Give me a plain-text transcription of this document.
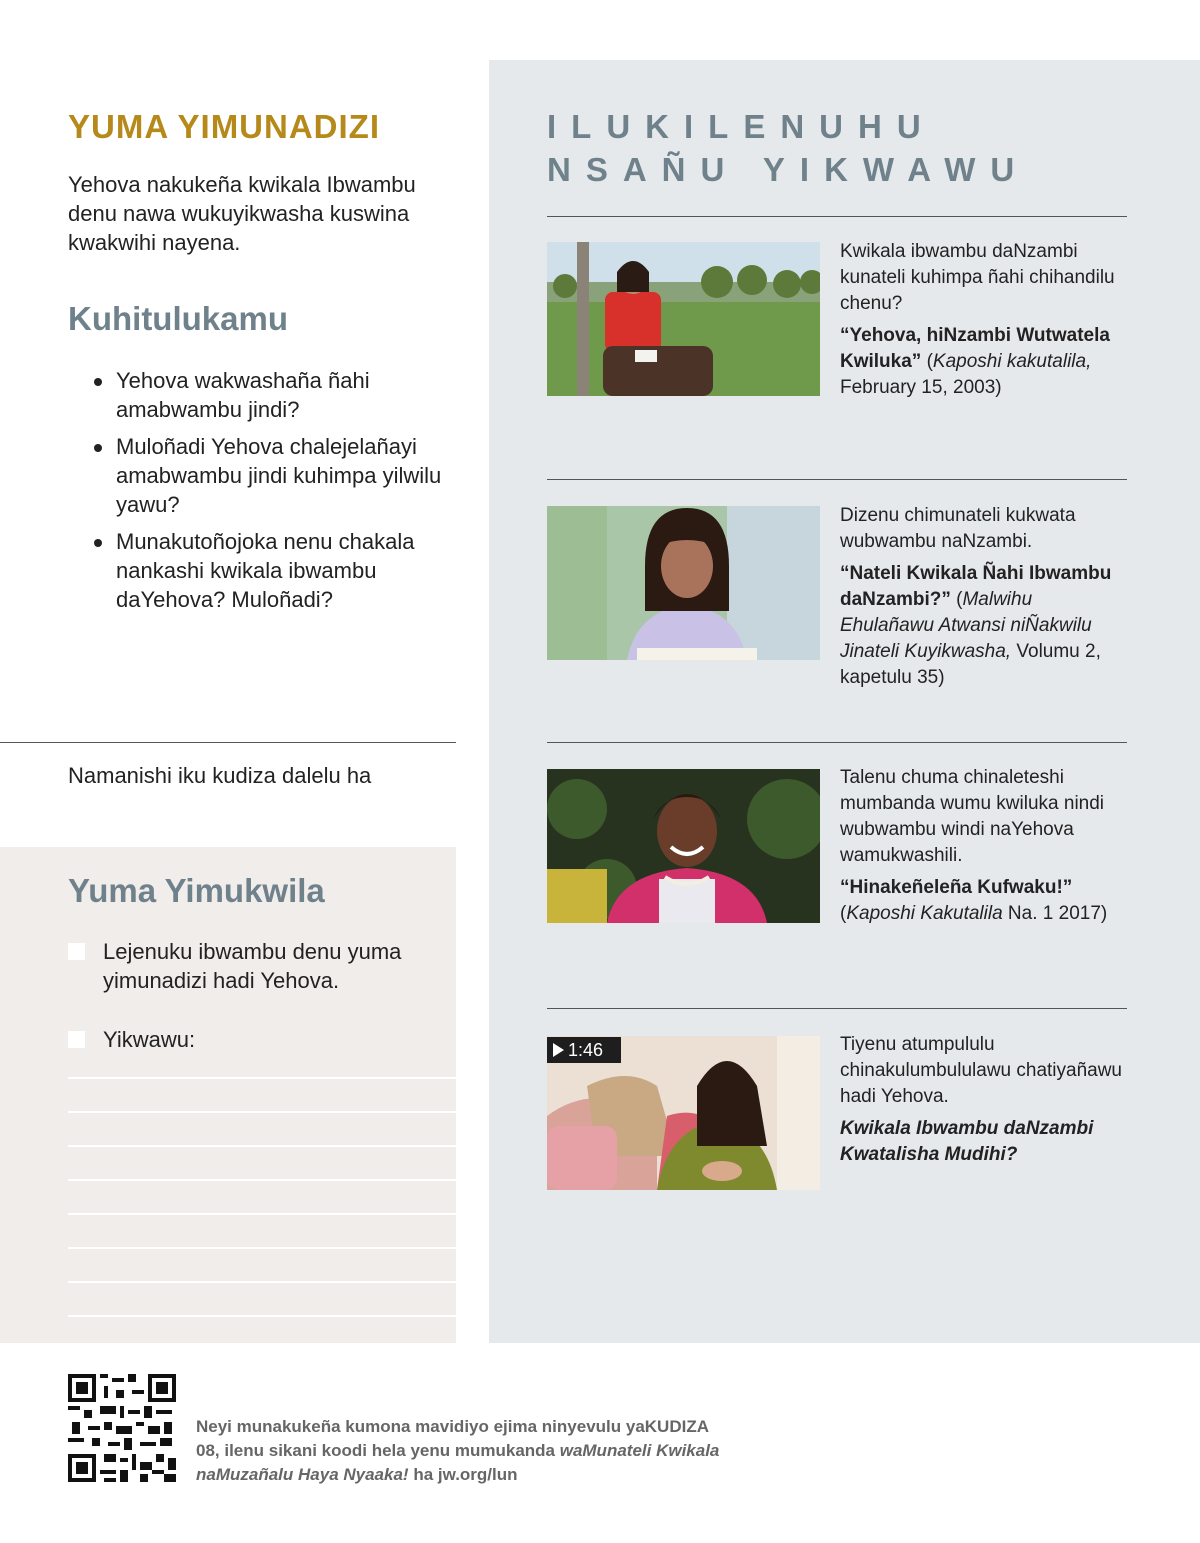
YUMA YIMUNADIZI

Yehova nakukeña kwikala Ibwambu denu nawa wukuyikwasha kuswina kwakwihi nayena.

Kuhitulukamu
Yehova wakwashaña ñahi amabwambu jindi?
Muloñadi Yehova chalejelañayi amabwambu jindi kuhimpa yilwilu yawu?
Munakutoñojoka nenu chakala nankashi kwikala ibwambu daYehova? Muloñadi?

Namanishi iku kudiza dalelu ha

Yuma Yimukwila
Lejenuku ibwambu denu yuma yimunadizi hadi Yehova.
Yikwawu:
ILUKILENUHU NSAÑU YIKWAWU
Kwikala ibwambu daNzambi kunateli kuhimpa ñahi chihandilu chenu?
“Yehova, hiNzambi Wutwatela Kwiluka” (Kaposhi kakutalila, February 15, 2003)
Dizenu chimunateli kukwata wubwambu naNzambi.
“Nateli Kwikala Ñahi Ibwambu daNzambi?” (Malwihu Ehulañawu Atwansi niÑakwilu Jinateli Kuyikwasha, Volumu 2, kapetulu 35)
Talenu chuma chinaleteshi mumbanda wumu kwiluka nindi wubwambu windi naYehova wamukwashili.
“Hinakeñeleña Kufwaku!” (Kaposhi Kakutalila Na. 1 2017)
1:46	Tiyenu atumpululu chinakulumbululawu chatiyañawu hadi Yehova.
Kwikala Ibwambu daNzambi Kwatalisha Mudihi?

Neyi munakukeña kumona mavidiyo ejima ninyevulu yaKUDIZA 08, ilenu sikani koodi hela yenu mumukanda waMunateli Kwikala naMuzañalu Haya Nyaaka! ha jw.org/lun
